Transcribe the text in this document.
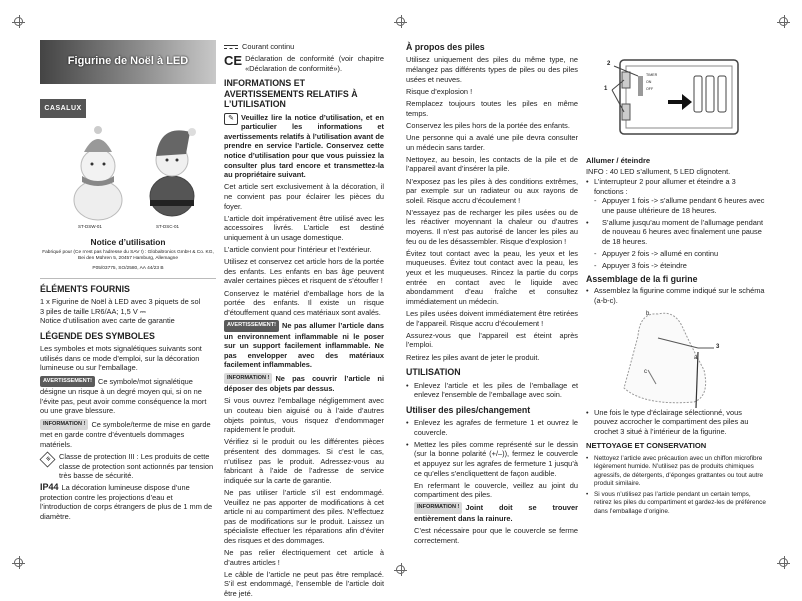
Figurine de Noël à LED
CASALUX
ST-DSW-01	ST-DSC-01
Notice d’utilisation
Fabriqué pour (Ce n’est pas l’adresse du SAV !) : Globaltronics GmbH & Co. KG, Bei den Mühren 5, 20457 Hamburg, Allemagne
P05/03775, SO/2580, AA 44/23 B
ÉLÉMENTS FOURNIS

1 x Figurine de Noël à LED avec 3 piquets de sol

3 piles de taille LR6/AA; 1,5 V ⎓

Notice d’utilisation avec carte de garantie

LÉGENDE DES SYMBOLES

Les symboles et mots signalétiques suivants sont utilisés dans ce mode d’emploi, sur la décoration lumineuse ou sur l’emballage.

AVERTISSEMENT! Ce symbole/mot signalétique désigne un risque à un degré moyen qui, si on ne l’évite pas, peut avoir comme conséquence la mort ou une grave blessure.

INFORMATION ! Ce symbole/terme de mise en garde met en garde contre d’éventuels dommages matériels.

III	Classe de protection III : Les produits de cette classe de protection sont actionnés par tension très basse de sécurité.

IP44 La décoration lumineuse dispose d’une protection contre les projections d’eau et l’introduction de corps étrangers de plus de 1 mm de diamètre.

Courant continu

CE Déclaration de conformité (voir chapitre «Déclaration de conformité»).

INFORMATIONS ET AVERTISSEMENTS RELATIFS À L’UTILISATION

✎ Veuillez lire la notice d’utilisation, et en particulier les informations et avertissements relatifs à l’utilisation avant de prendre en service l’article. Conservez cette notice d’utilisation pour que vous puissiez la consulter plus tard encore et transmettez-la au propriétaire suivant.

Cet article sert exclusivement à la décoration, il ne convient pas pour éclairer les pièces du foyer.

L’article doit impérativement être utilisé avec les accessoires livrés. L’article est destiné uniquement à un usage domestique.

L’article convient pour l’intérieur et l’extérieur.

Utilisez et conservez cet article hors de la portée des enfants. Les enfants en bas âge peuvent avaler certaines pièces et risquent de s’étouffer !

Conservez le matériel d’emballage hors de la portée des enfants. Il existe un risque d’étouffement quand ces matériaux sont avalés.

AVERTISSEMENT! Ne pas allumer l’article dans un environnement inflammable ni le poser sur un support facilement inflammable. Ne pas envelopper avec des matériaux facilement inflammables.

INFORMATION ! Ne pas couvrir l’article ni déposer des objets par dessus.

Si vous ouvrez l’emballage négligemment avec un couteau bien aiguisé ou à l’aide d’autres objets pointus, vous risquez d’endommager rapidement le produit.

Vérifiez si le produit ou les différentes pièces présentent des dommages. Si c’est le cas, n’utilisez pas le produit. Adressez-vous au fabricant à l’aide de l’adresse de service indiquée sur la carte de garantie.

Ne pas utiliser l’article s’il est endommagé. Veuillez ne pas apporter de modifications à cet article ni au compartiment des piles. N’effectuez pas de modifications sur le produit. Laissez un spécialiste effectuer les réparations afin d’éviter des risques et des dommages.

Ne pas relier électriquement cet article à d’autres articles !

Le câble de l’article ne peut pas être remplacé. S’il est endommagé, l’ensemble de l’article doit être jeté.

À propos des piles

Utilisez uniquement des piles du même type, ne mélangez pas différents types de piles ou des piles usées et neuves.

Risque d’explosion !

Remplacez toujours toutes les piles en même temps.

Conservez les piles hors de la portée des enfants.

Une personne qui a avalé une pile devra consulter un médecin sans tarder.

Nettoyez, au besoin, les contacts de la pile et de l’appareil avant d’insérer la pile.

N’exposez pas les piles à des conditions extrêmes, par exemple sur un radiateur ou aux rayons de soleil. Risque accru d’écoulement !

N’essayez pas de recharger les piles usées ou de les réactiver moyennant la chaleur ou d’autres moyens. Il n’est pas autorisé de lancer les piles au feu ou de les désassembler. Risque d’explosion !

Évitez tout contact avec la peau, les yeux et les muqueuses. Évitez tout contact avec la peau, les yeux et les muqueuses. Rincez la partie du corps entrée en contact avec le liquide avec abondamment d’eau fraîche et consultez immédiatement un médecin.

Les piles usées doivent immédiatement être retirées de l’appareil. Risque accru d’écoulement !

Assurez-vous que l’appareil est éteint après l’emploi.

Retirez les piles avant de jeter le produit.

UTILISATION
• Enlevez l’article et les piles de l’emballage et enlevez l’ensemble de l’emballage avec soin.
Utiliser des piles/changement
• Enlevez les agrafes de fermeture 1 et ouvrez le couvercle.
• Mettez les piles comme représenté sur le dessin (sur la bonne polarité (+/–)), fermez le couvercle et appuyez sur les agrafes de fermeture 1 jusqu’à ce qu’elles s’encliquettent de façon audible.

En refermant le couvercle, veillez au joint du compartiment des piles.

INFORMATION ! Joint doit se trouver entièrement dans la rainure.

C’est nécessaire pour que le couvercle se ferme correctement.

2
1
TIMER
ON
OFF
Allumer / éteindre

INFO : 40 LED s’allument, 5 LED clignotent.

• L’interrupteur 2 pour allumer et éteindre a 3 fonctions :
- Appuyer 1 fois -> s’allume pendant 6 heures avec une pause ultérieure de 18 heures.
• S’allume jusqu’au moment de l’allumage pendant de nouveau 6 heures avec finalement une pause de 18 heures.
- Appuyer 2 fois -> allumé en continu
- Appuyer 3 fois -> éteindre
Assemblage de la fi gurine
• Assemblez la figurine comme indiqué sur le schéma (a-b-c).
b
a
c
3
• Une fois le type d’éclairage sélectionné, vous pouvez accrocher le compartiment des piles au crochet 3 situé à l’intérieur de la figurine.
NETTOYAGE ET CONSERVATION
• Nettoyez l’article avec précaution avec un chiffon microfibre légèrement humide. N’utilisez pas de produits chimiques agressifs, de détergents, d’éponges grattantes ou tout autre produit similaire.
• Si vous n’utilisez pas l’article pendant un certain temps, retirez les piles du compartiment et gardez-les de préférence dans l’emballage d’origine.
